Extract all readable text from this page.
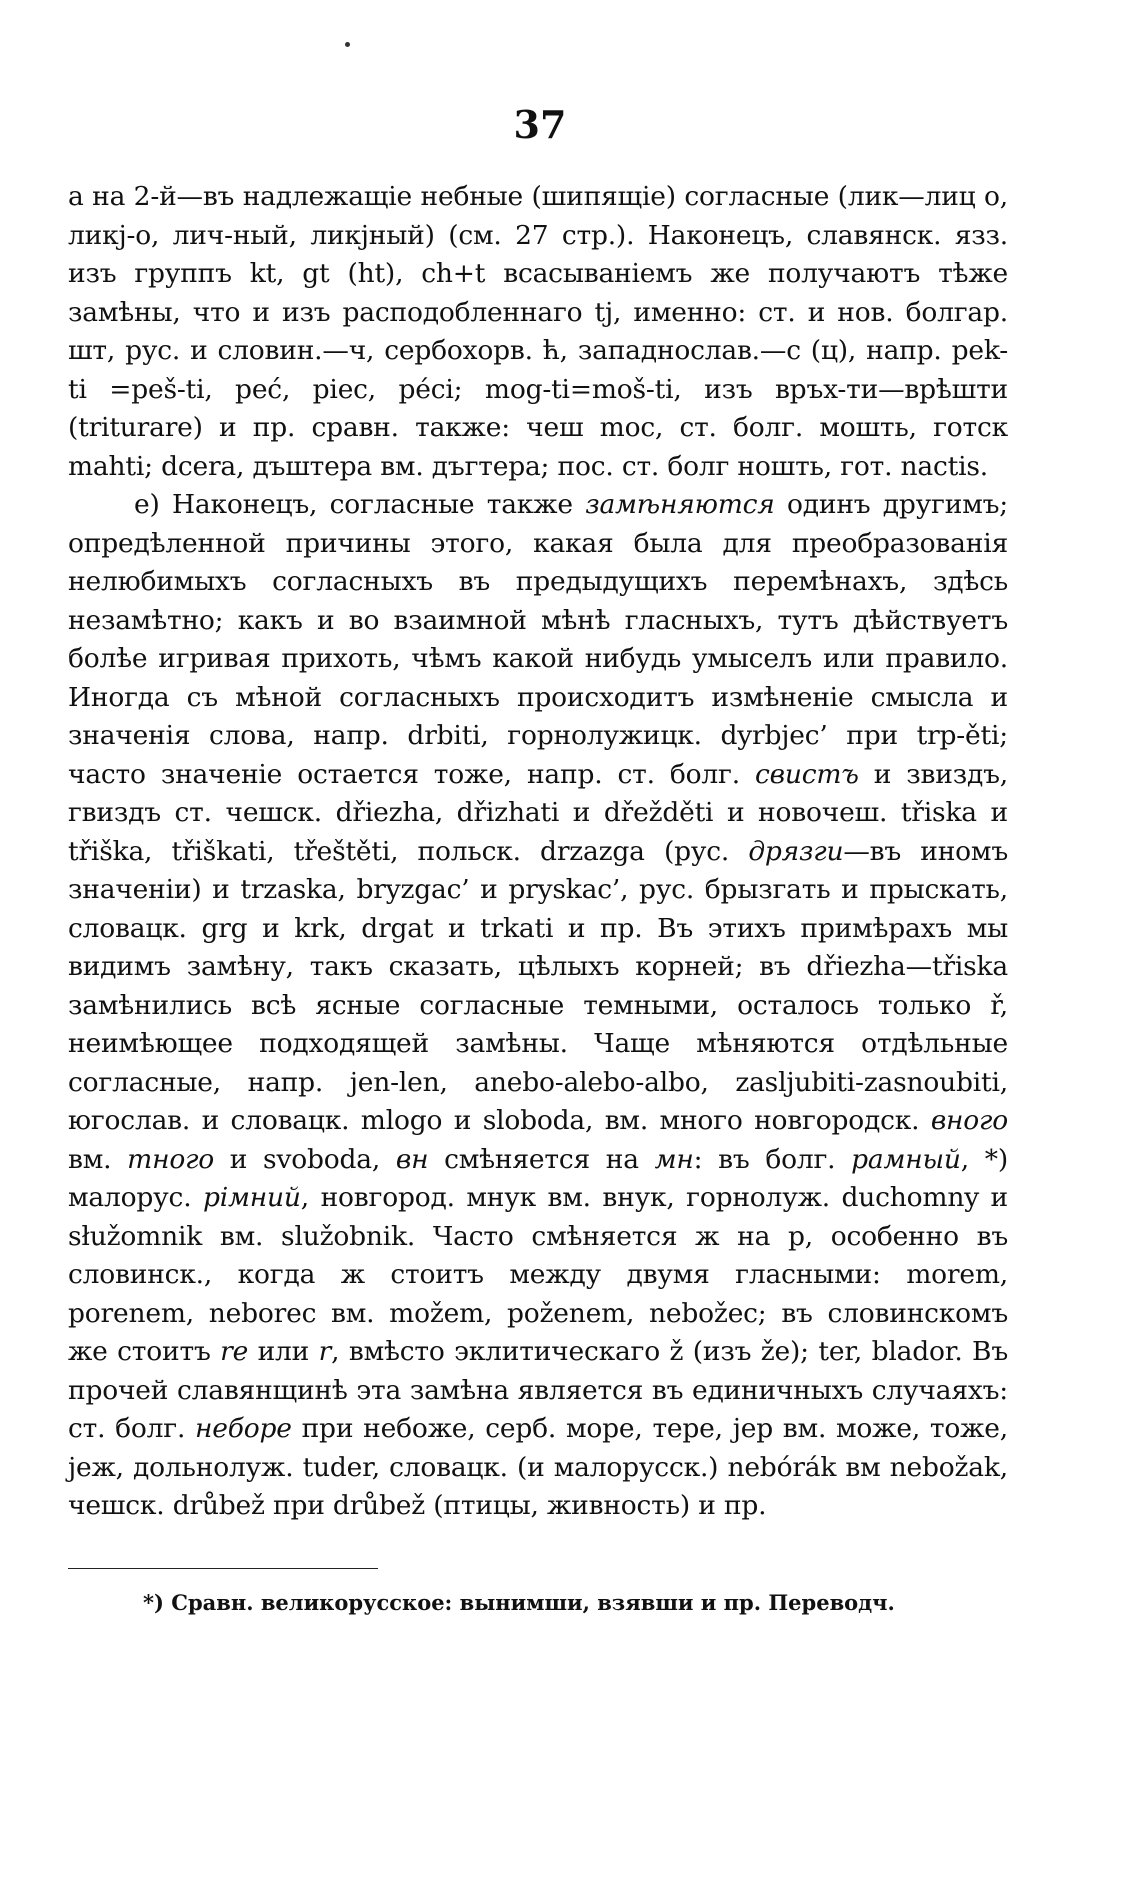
37

а на 2-й—въ надлежащіе небные (шипящіе) согласные (лик—лиц о, ликj-о, лич-ный, ликjный) (см. 27 стр.). Наконецъ, славянск. язз. изъ группъ kt, gt (ht), ch+t всасываніемъ же получаютъ тѣже замѣны, что и изъ расподобленнаго tj, именно: ст. и нов. болгар. шт, рус. и словин.—ч, сербохорв. ћ, западнослав.—с (ц), напр. pek-ti =peš-ti, peć, piec, pécі; mog-ti=moš-ti, изъ вpъx-ти—врѣшти (triturare) и пр. сравн. также: чеш moc, ст. болг. мошть, готск mahti; dcera, дъштера вм. дъгтера; пос. ст. болг ношть, гот. nactis.

е) Наконецъ, согласные также замѣняются одинъ другимъ; опредѣленной причины этого, какая была для преобразованія нелюбимыхъ согласныхъ въ предыдущихъ перемѣнахъ, здѣсь незамѣтно; какъ и во взаимной мѣнѣ гласныхъ, тутъ дѣйствуетъ болѣе игривая прихоть, чѣмъ какой нибудь умыселъ или правило. Иногда съ мѣной согласныхъ происходитъ измѣненіе смысла и значенія слова, напр. drbiti, горнолужицк. dyrbjec’ при trp-ěti; часто значеніе остается тоже, напр. ст. болг. свистъ и звиздъ, гвиздъ ст. чешск. dřiezha, dřizhati и dřežděti и новочеш. třiska и třiška, třiškati, třeštěti, польск. drzazga (рус. дрязги—въ иномъ значеніи) и trzaska, bryzgac’ и pryskac’, рус. брызгать и прыскать, словацк. grg и krk, drgat и trkati и пр. Въ этихъ примѣрахъ мы видимъ замѣну, такъ сказать, цѣлыхъ корней; въ dřiezha—třiska замѣнились всѣ ясные согласные темными, осталось только ř, неимѣющее подходящей замѣны. Чаще мѣняются отдѣльные согласные, напр. jen-len, anebo-alebo-albo, zasljubiti-zasnoubiti, югослав. и словацк. mlogo и sloboda, вм. много новгородск. вного вм. тного и svoboda, вн смѣняется на мн: въ болг. рамный, *) малорус. рімний, новгород. мнук вм. внук, горнолуж. duchomny и słužomnik вм. služobnik. Часто смѣняется ж на р, особенно въ словинск., когда ж стоитъ между двумя гласными: morem, porenem, neborec вм. možem, poženem, nebožec; въ словинскомъ же стоитъ re или r, вмѣсто эклитическаго ž (изъ že); ter, blador. Въ прочей славянщинѣ эта замѣна является въ единичныхъ случаяхъ: ст. болг. неборе при небоже, серб. море, тере, јер вм. може, тоже, јеж, дольнолуж. tuder, словацк. (и малорусск.) nebórák вм nebožak, чешск. drůbež при drůbež (птицы, живность) и пр.

*) Сравн. великорусское: вынимши, взявши и пр. Переводч.
